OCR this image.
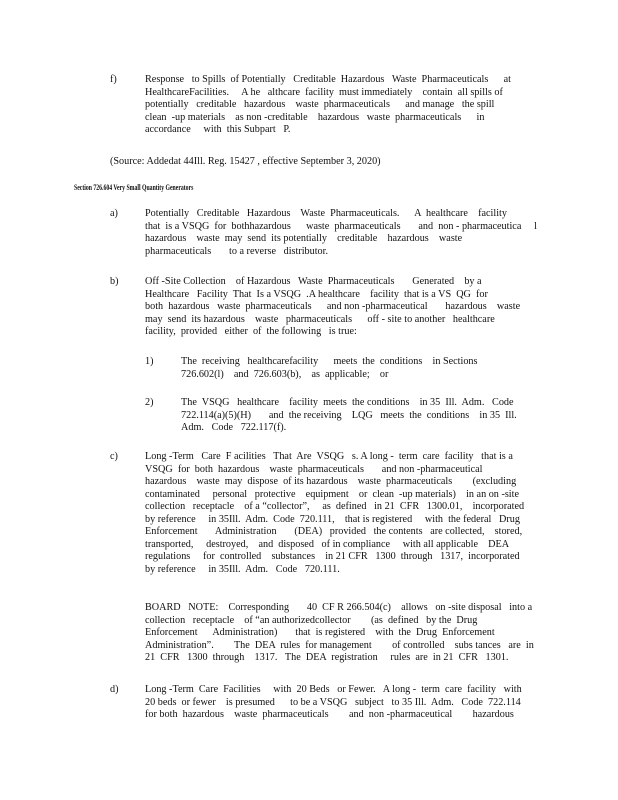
f)	Response   to Spills  of Potentially   Creditable  Hazardous   Waste  Pharmaceuticals      at
HealthcareFacilities.     A he   althcare  facility  must immediately    contain  all spills of
potentially   creditable   hazardous    waste  pharmaceuticals      and manage   the spill
clean  -up materials    as non -creditable    hazardous   waste  pharmaceuticals      in
accordance     with  this Subpart   P.
(Source: Addedat 44Ill. Reg. 15427 , effective September 3, 2020)
Section 726.604 Very Small Quantity Generators
a)	Potentially   Creditable   Hazardous    Waste  Pharmaceuticals.      A  healthcare    facility
that  is a VSQG  for  bothhazardous      waste  pharmaceuticals       and  non - pharmaceutica     l
hazardous    waste  may  send  its potentially    creditable    hazardous    waste
pharmaceuticals       to a reverse   distributor.
b)	Off -Site Collection    of Hazardous   Waste  Pharmaceuticals       Generated    by a
Healthcare   Facility  That  Is a VSQG  .A healthcare    facility  that is a VS  QG  for
both  hazardous   waste  pharmaceuticals      and non -pharmaceutical       hazardous    waste
may  send  its hazardous    waste   pharmaceuticals      off - site to another   healthcare
facility,  provided   either  of  the following   is true:
1)	The  receiving   healthcarefacility      meets  the  conditions    in Sections
726.602(l)    and  726.603(b),    as  applicable;    or
2)	The  VSQG   healthcare    facility  meets  the conditions    in 35  Ill.  Adm.   Code
722.114(a)(5)(H)       and  the receiving    LQG   meets  the  conditions    in 35  Ill.
Adm.   Code   722.117(f).
c)	Long -Term   Care  F acilities   That  Are  VSQG   s. A long -  term  care  facility   that is a
VSQG  for  both  hazardous    waste  pharmaceuticals       and non -pharmaceutical
hazardous    waste  may  dispose  of its hazardous    waste  pharmaceuticals        (excluding
contaminated     personal   protective    equipment    or  clean  -up materials)    in an on -site
collection   receptacle    of a “collector”,     as  defined   in 21  CFR   1300.01,    incorporated
by reference     in 35Ill.  Adm.  Code  720.111,    that is registered     with  the federal   Drug
Enforcement       Administration       (DEA)   provided   the contents   are collected,    stored,
transported,     destroyed,    and  disposed   of in compliance     with all applicable    DEA
regulations     for  controlled    substances    in 21 CFR   1300  through   1317,  incorporated
by reference     in 35Ill.  Adm.   Code   720.111.
BOARD   NOTE:    Corresponding       40  CF R 266.504(c)    allows   on -site disposal   into a
collection   receptacle    of “an authorizedcollector        (as  defined   by the  Drug
Enforcement      Administration)       that  is registered    with  the  Drug  Enforcement
Administration”.        The  DEA  rules  for management        of controlled    subs tances   are  in
21  CFR   1300  through    1317.   The  DEA  registration     rules  are  in 21  CFR   1301.
d)	Long -Term  Care  Facilities     with  20 Beds   or Fewer.   A long -  term  care  facility   with
20 beds  or fewer    is presumed      to be a VSQG   subject   to 35 Ill.  Adm.   Code  722.114
for both  hazardous    waste  pharmaceuticals        and  non -pharmaceutical        hazardous
